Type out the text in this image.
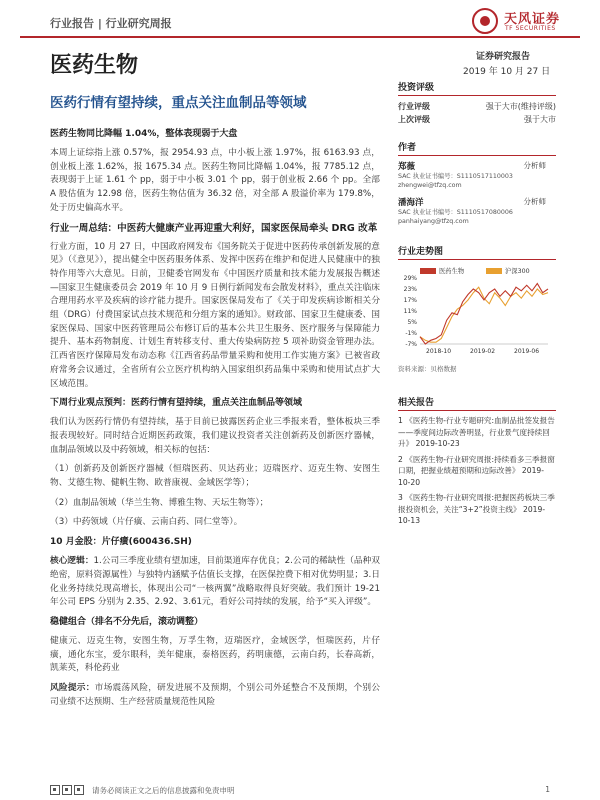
行业报告 | 行业研究周报	天风证券
TF SECURITIES
医药生物	证券研究报告
2019 年 10 月 27 日
医药行情有望持续，重点关注血制品等领域
医药生物同比降幅 1.04%，整体表现弱于大盘
本周上证综指上涨 0.57%，报 2954.93 点，中小板上涨 1.97%，报 6163.93 点，创业板上涨 1.62%，报 1675.34 点。医药生物同比降幅 1.04%，报 7785.12 点，表现弱于上证 1.61 个 pp，弱于中小板 3.01 个 pp，弱于创业板 2.66 个 pp。全部 A 股估值为 12.98 倍，医药生物估值为 36.32 倍，对全部 A 股溢价率为 179.8%，处于历史偏高水平。
行业一周总结：中医药大健康产业再迎重大利好，国家医保局牵头 DRG 改革
行业方面，10 月 27 日，中国政府网发布《国务院关于促进中医药传承创新发展的意见》（《意见》），提出健全中医药服务体系、发挥中医药在维护和促进人民健康中的独特作用等六大意见。日前，卫健委官网发布《中国医疗质量和技术能力发展报告概述—国家卫生健康委员会 2019 年 10 月 9 日例行新闻发布会散发材料》，重点关注临床合理用药水平及疾病的诊疗能力提升。国家医保局发布了《关于印发疾病诊断相关分组（DRG）付费国家试点技术规范和分组方案的通知》。财政部、国家卫生健康委、国家医保局、国家中医药管理局公布修订后的基本公共卫生服务、医疗服务与保障能力提升、基本药物制度、计划生育转移支付、重大传染病防控 5 项补助资金管理办法。江西省医疗保障局发布动态称《江西省药品带量采购和使用工作实施方案》已被省政府常务会议通过，全省所有公立医疗机构纳入国家组织药品集中采购和使用试点扩大区域范围。
下周行业观点预判：医药行情有望持续，重点关注血制品等领域
我们认为医药行情仍有望持续，基于目前已披露医药企业三季报来看，整体板块三季报表现较好。同时结合近期医药政策，我们建议投资者关注创新药及创新医疗器械，血制品领域以及中药领域，相关标的包括：
（1）创新药及创新医疗器械（恒瑞医药、贝达药业；迈瑞医疗、迈克生物、安图生物、艾德生物、健帆生物、欧普康视、金域医学等）；
（2）血制品领域（华兰生物、博雅生物、天坛生物等）；
（3）中药领域（片仔癀、云南白药、同仁堂等）。
10 月金股：片仔癀(600436.SH)
核心逻辑：1.公司三季度业绩有望加速，目前渠道库存优良；2.公司的稀缺性（品种双绝密，原料资源属性）与独特内涵赋予估值长支撑，在医保控费下相对优势明显；3.日化业务持续兑现高增长，体现出公司“一核两翼”战略取得良好突破。我们预计 19-21 年公司 EPS 分别为 2.35、2.92、3.61元，看好公司持续的发展，给予“买入评级”。
稳健组合（排名不分先后，滚动调整）
健康元、迈克生物，安图生物，万孚生物，迈瑞医疗，金域医学，恒瑞医药，片仔癀，通化东宝，爱尔眼科，美年健康，泰格医药，药明康德，云南白药，长春高新，凯莱英，科伦药业
风险提示：市场震荡风险，研发进展不及预期，个别公司外延整合不及预期，个别公司业绩不达预期、生产经营质量规范性风险
投资评级
行业评级	强于大市(维持评级)
上次评级	强于大市
作者
郑薇	分析师
SAC 执业证书编号：S1110517110003
zhengwei@tfzq.com
潘海洋	分析师
SAC 执业证书编号：S1110517080006
panhaiyang@tfzq.com
行业走势图
医药生物	沪深300
29%
23%
17%
11%
5%
-1%
-7%
2018-10	2019-02	2019-06
资料来源：贝格数据
相关报告
1 《医药生物-行业专题研究:血制品批签发报告——季度间边际改善明显，行业景气度持续回升》 2019-10-23
2 《医药生物-行业研究周报:持续看多三季报窗口期，把握业绩超预期和边际改善》 2019-10-20
3 《医药生物-行业研究周报:把握医药板块三季报投资机会，关注“3+2”投资主线》 2019-10-13
请务必阅读正文之后的信息披露和免责申明	1
